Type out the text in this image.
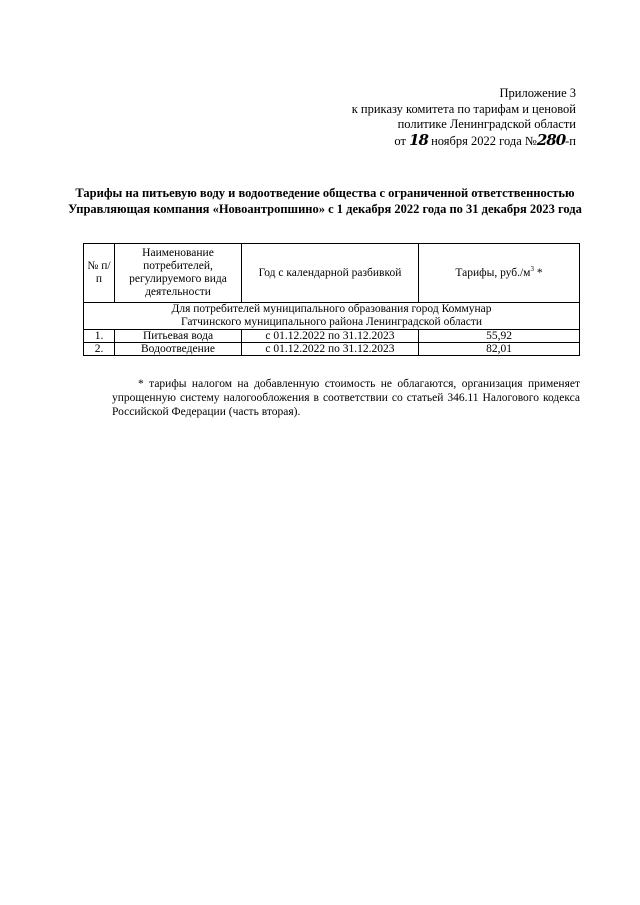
Приложение 3
к приказу комитета по тарифам и ценовой
политике Ленинградской области
от 18 ноября 2022 года №280-п
Тарифы на питьевую воду и водоотведение общества с ограниченной ответственностью
Управляющая компания «Новоантропшино» с 1 декабря 2022 года по 31 декабря 2023 года
№ п/п	Наименование потребителей, регулируемого вида деятельности	Год с календарной разбивкой	Тарифы, $руб./м^3$ *

Для потребителей муниципального образования город Коммунар
Гатчинского муниципального района Ленинградской области			

1.	Питьевая вода	с 01.12.2022 по 31.12.2023	55,92
2.	Водоотведение	с 01.12.2022 по 31.12.2023	82,01
* тарифы налогом на добавленную стоимость не облагаются, организация применяет упрощенную систему налогообложения в соответствии со статьей 346.11 Налогового кодекса Российской Федерации (часть вторая).
